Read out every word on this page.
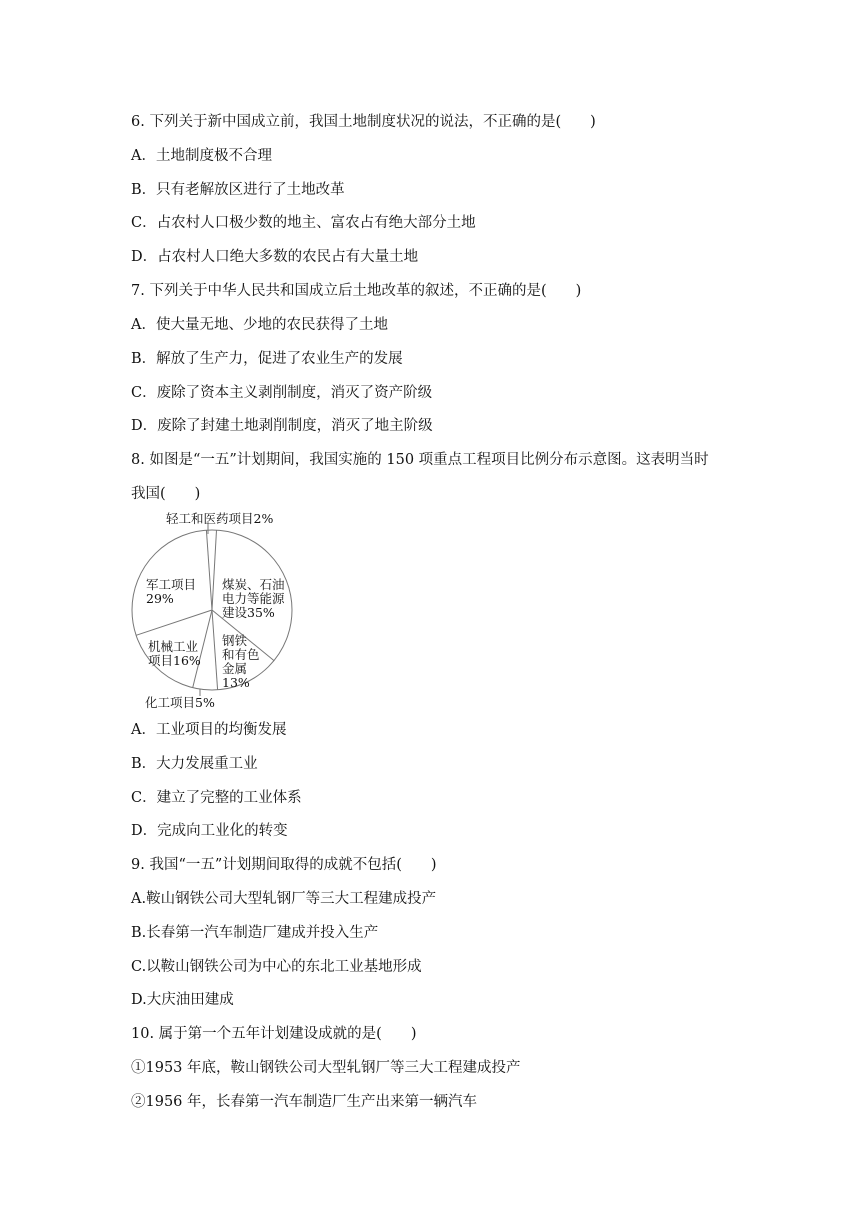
6. 下列关于新中国成立前，我国土地制度状况的说法，不正确的是(　　)
A．土地制度极不合理
B．只有老解放区进行了土地改革
C．占农村人口极少数的地主、富农占有绝大部分土地
D．占农村人口绝大多数的农民占有大量土地
7. 下列关于中华人民共和国成立后土地改革的叙述，不正确的是(　　)
A．使大量无地、少地的农民获得了土地
B．解放了生产力，促进了农业生产的发展
C．废除了资本主义剥削制度，消灭了资产阶级
D．废除了封建土地剥削制度，消灭了地主阶级
8. 如图是“一五”计划期间，我国实施的 150 项重点工程项目比例分布示意图。这表明当时
我国(　　)
轻工和医药项目2%
煤炭、石油
电力等能源
建设35%
钢铁
和有色
金属
13%
化工项目5%
机械工业
项目16%
军工项目
29%
A．工业项目的均衡发展
B．大力发展重工业
C．建立了完整的工业体系
D．完成向工业化的转变
9. 我国“一五”计划期间取得的成就不包括(　　)
A.鞍山钢铁公司大型轧钢厂等三大工程建成投产
B.长春第一汽车制造厂建成并投入生产
C.以鞍山钢铁公司为中心的东北工业基地形成
D.大庆油田建成
10. 属于第一个五年计划建设成就的是(　　)
①1953 年底，鞍山钢铁公司大型轧钢厂等三大工程建成投产
②1956 年，长春第一汽车制造厂生产出来第一辆汽车
